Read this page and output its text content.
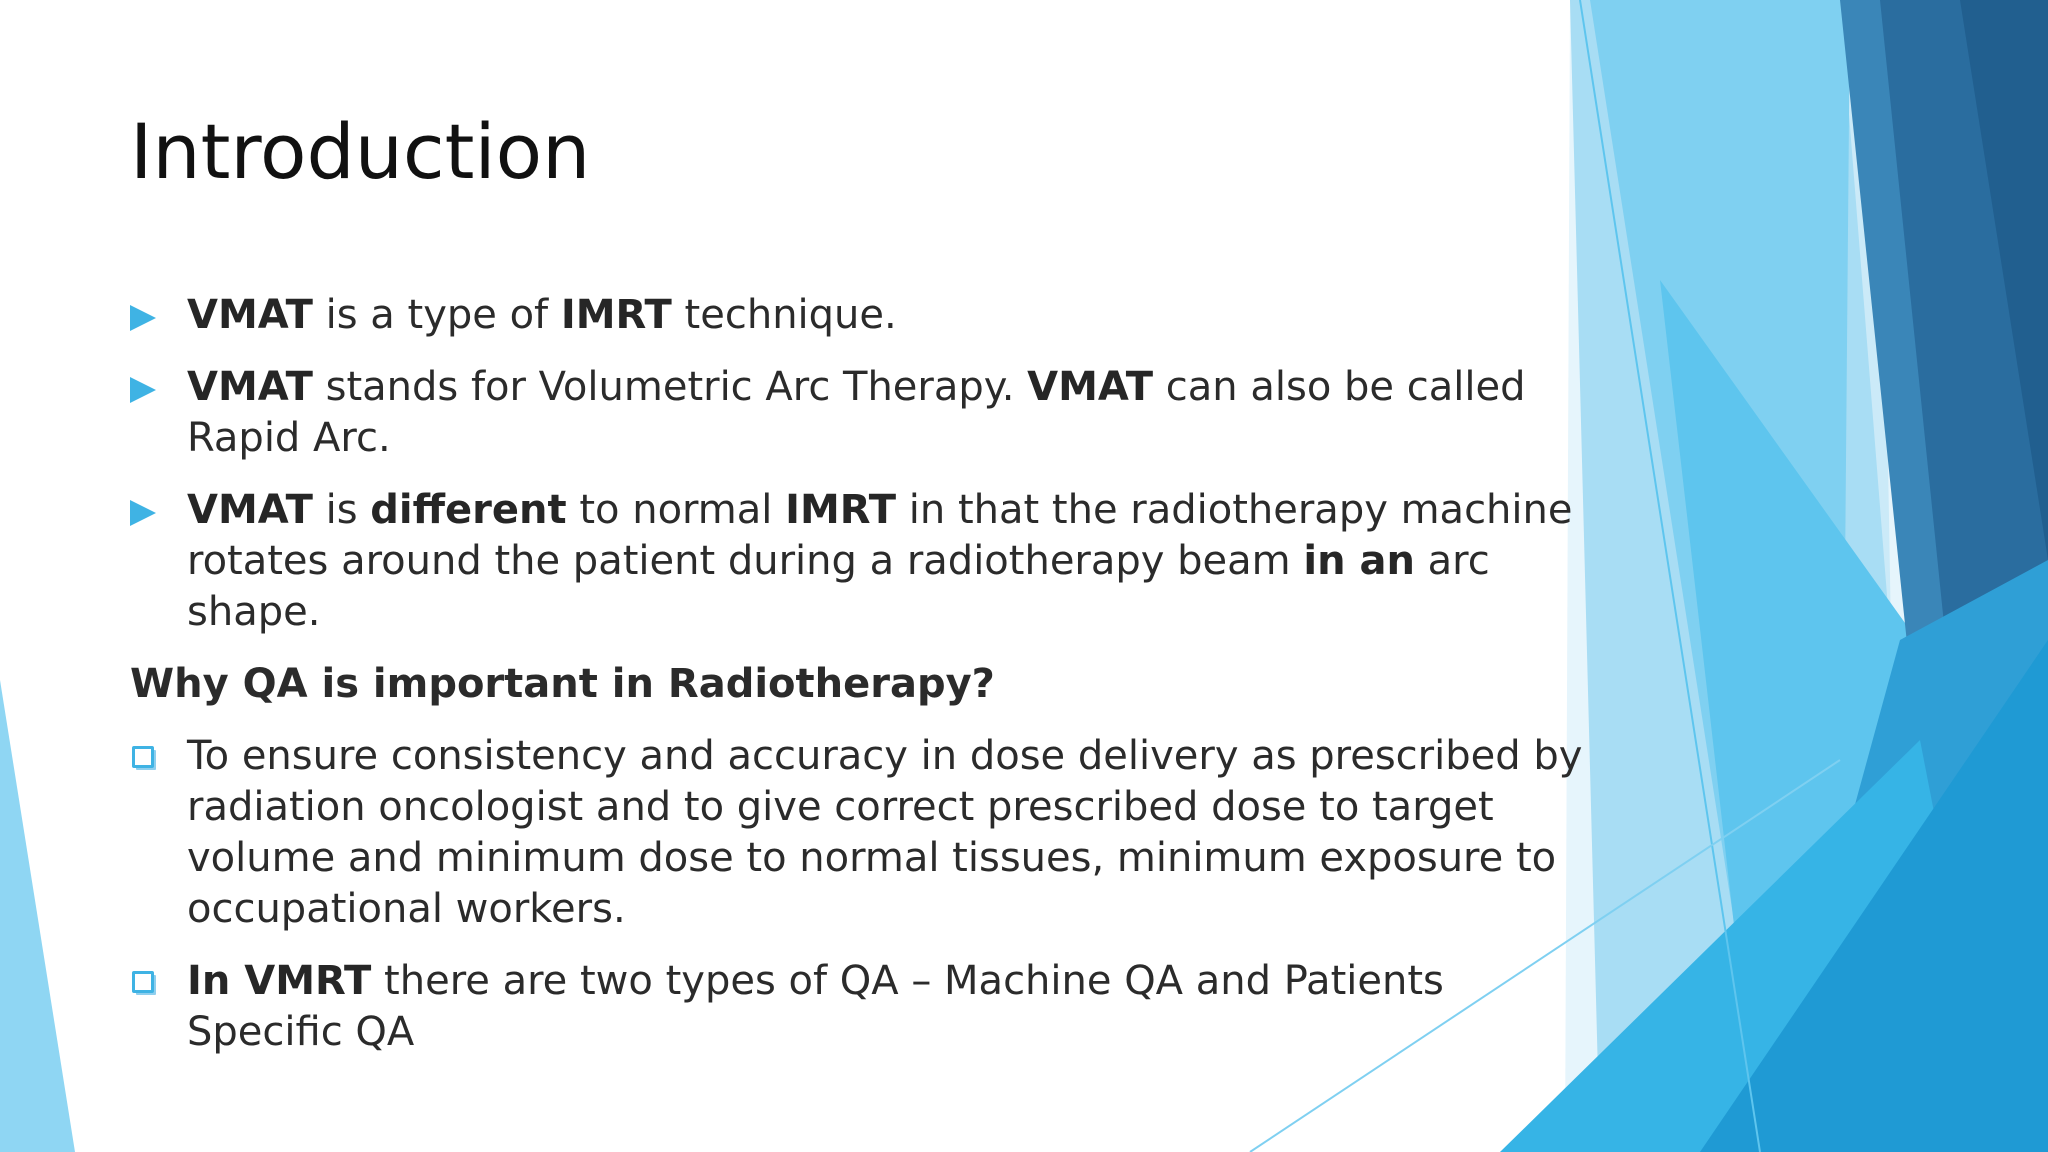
Introduction
VMAT is a type of IMRT technique.
VMAT stands for Volumetric Arc Therapy. VMAT can also be called Rapid Arc.
VMAT is different to normal IMRT in that the radiotherapy machine rotates around the patient during a radiotherapy beam in an arc shape.
Why QA is important in Radiotherapy?
To ensure consistency and accuracy in dose delivery as prescribed by radiation oncologist and to give correct prescribed dose to target volume and minimum dose to normal tissues, minimum exposure to occupational workers.
In VMRT there are two types of QA – Machine QA and Patients Specific QA
